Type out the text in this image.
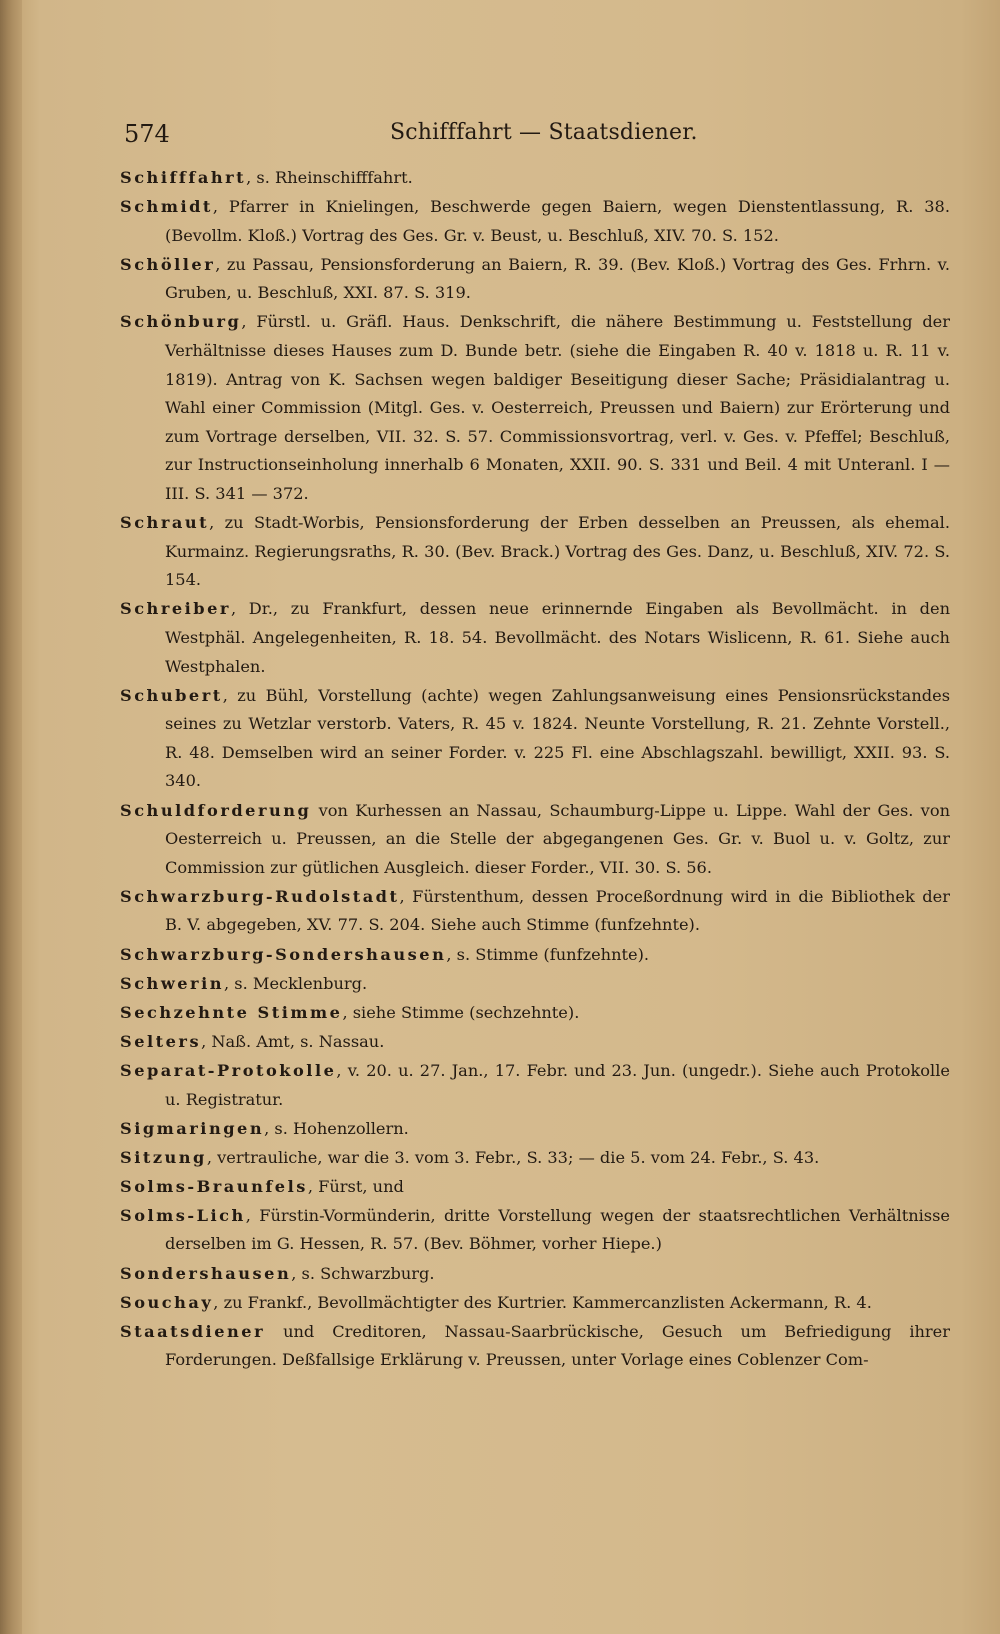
574	Schifffahrt — Staatsdiener.

Schifffahrt, s. Rheinschifffahrt.

Schmidt, Pfarrer in Knielingen, Beschwerde gegen Baiern, wegen Dienstentlassung, R. 38. (Bevollm. Kloß.) Vortrag des Ges. Gr. v. Beust, u. Beschluß, XIV. 70. S. 152.

Schöller, zu Passau, Pensionsforderung an Baiern, R. 39. (Bev. Kloß.) Vortrag des Ges. Frhrn. v. Gruben, u. Beschluß, XXI. 87. S. 319.

Schönburg, Fürstl. u. Gräfl. Haus. Denkschrift, die nähere Bestimmung u. Feststellung der Verhältnisse dieses Hauses zum D. Bunde betr. (siehe die Eingaben R. 40 v. 1818 u. R. 11 v. 1819). Antrag von K. Sachsen wegen baldiger Beseitigung dieser Sache; Präsidialantrag u. Wahl einer Commission (Mitgl. Ges. v. Oesterreich, Preussen und Baiern) zur Erörterung und zum Vortrage derselben, VII. 32. S. 57. Commissionsvortrag, verl. v. Ges. v. Pfeffel; Beschluß, zur Instructionseinholung innerhalb 6 Monaten, XXII. 90. S. 331 und Beil. 4 mit Unteranl. I — III. S. 341 — 372.

Schraut, zu Stadt-Worbis, Pensionsforderung der Erben desselben an Preussen, als ehemal. Kurmainz. Regierungsraths, R. 30. (Bev. Brack.) Vortrag des Ges. Danz, u. Beschluß, XIV. 72. S. 154.

Schreiber, Dr., zu Frankfurt, dessen neue erinnernde Eingaben als Bevollmächt. in den Westphäl. Angelegenheiten, R. 18. 54. Bevollmächt. des Notars Wislicenn, R. 61. Siehe auch Westphalen.

Schubert, zu Bühl, Vorstellung (achte) wegen Zahlungsanweisung eines Pensionsrückstandes seines zu Wetzlar verstorb. Vaters, R. 45 v. 1824. Neunte Vorstellung, R. 21. Zehnte Vorstell., R. 48. Demselben wird an seiner Forder. v. 225 Fl. eine Abschlagszahl. bewilligt, XXII. 93. S. 340.

Schuldforderung von Kurhessen an Nassau, Schaumburg-Lippe u. Lippe. Wahl der Ges. von Oesterreich u. Preussen, an die Stelle der abgegangenen Ges. Gr. v. Buol u. v. Goltz, zur Commission zur gütlichen Ausgleich. dieser Forder., VII. 30. S. 56.

Schwarzburg-Rudolstadt, Fürstenthum, dessen Proceßordnung wird in die Bibliothek der B. V. abgegeben, XV. 77. S. 204. Siehe auch Stimme (funfzehnte).

Schwarzburg-Sondershausen, s. Stimme (funfzehnte).

Schwerin, s. Mecklenburg.

Sechzehnte Stimme, siehe Stimme (sechzehnte).

Selters, Naß. Amt, s. Nassau.

Separat-Protokolle, v. 20. u. 27. Jan., 17. Febr. und 23. Jun. (ungedr.). Siehe auch Protokolle u. Registratur.

Sigmaringen, s. Hohenzollern.

Sitzung, vertrauliche, war die 3. vom 3. Febr., S. 33; — die 5. vom 24. Febr., S. 43.

Solms-Braunfels, Fürst, und

Solms-Lich, Fürstin-Vormünderin, dritte Vorstellung wegen der staatsrechtlichen Verhältnisse derselben im G. Hessen, R. 57. (Bev. Böhmer, vorher Hiepe.)

Sondershausen, s. Schwarzburg.

Souchay, zu Frankf., Bevollmächtigter des Kurtrier. Kammercanzlisten Ackermann, R. 4.

Staatsdiener und Creditoren, Nassau-Saarbrückische, Gesuch um Befriedigung ihrer Forderungen. Deßfallsige Erklärung v. Preussen, unter Vorlage eines Coblenzer Com-
